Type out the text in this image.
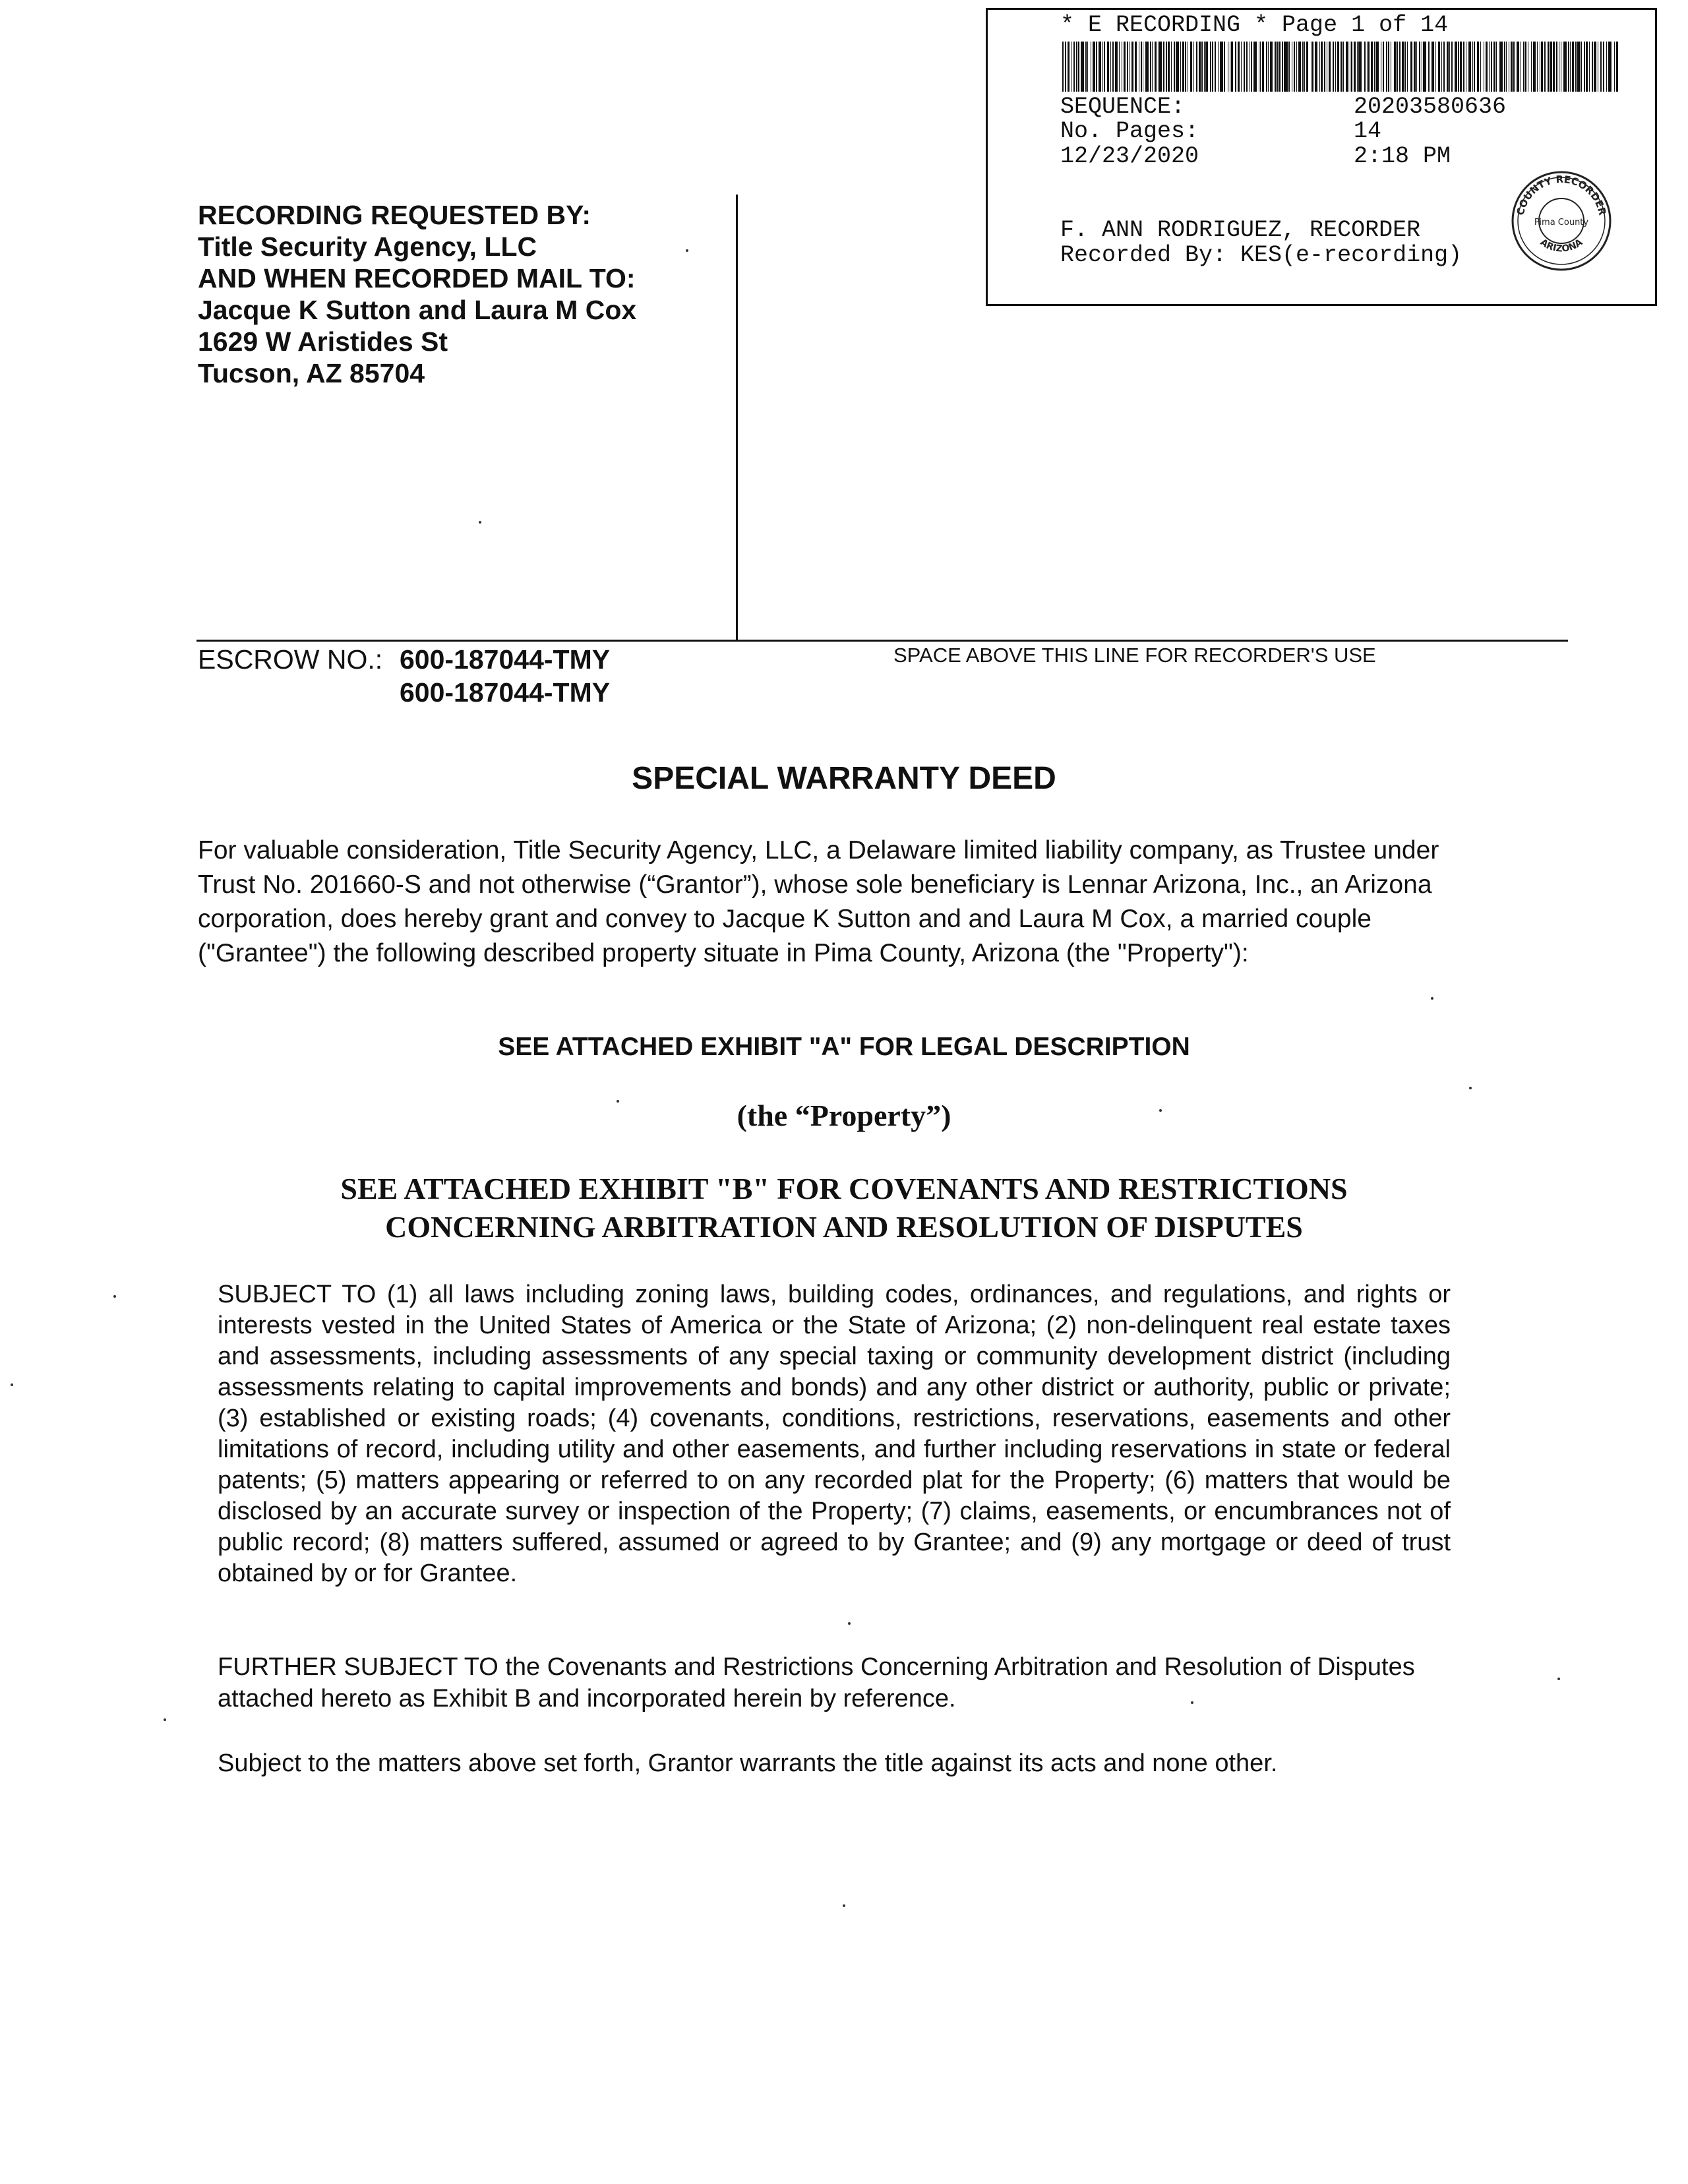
* E RECORDING * Page 1 of 14
SEQUENCE:	20203580636
No. Pages:	14
12/23/2020	2:18 PM
F. ANN RODRIGUEZ, RECORDER
Recorded By: KES(e-recording)
COUNTY RECORDER
ARIZONA
Pima County
RECORDING REQUESTED BY:
Title Security Agency, LLC
AND WHEN RECORDED MAIL TO:
Jacque K Sutton and Laura M Cox
1629 W Aristides St
Tucson, AZ 85704
ESCROW NO.: 600-187044-TMY
600-187044-TMY
SPACE ABOVE THIS LINE FOR RECORDER'S USE
SPECIAL WARRANTY DEED
For valuable consideration, Title Security Agency, LLC, a Delaware limited liability company, as Trustee under Trust No. 201660-S and not otherwise (“Grantor”), whose sole beneficiary is Lennar Arizona, Inc., an Arizona corporation, does hereby grant and convey to Jacque K Sutton and and Laura M Cox, a married couple ("Grantee") the following described property situate in Pima County, Arizona (the "Property"):
SEE ATTACHED EXHIBIT "A" FOR LEGAL DESCRIPTION
(the “Property”)
SEE ATTACHED EXHIBIT "B" FOR COVENANTS AND RESTRICTIONS
CONCERNING ARBITRATION AND RESOLUTION OF DISPUTES
SUBJECT TO (1) all laws including zoning laws, building codes, ordinances, and regulations, and rights or interests vested in the United States of America or the State of Arizona; (2) non-delinquent real estate taxes and assessments, including assessments of any special taxing or community development district (including assessments relating to capital improvements and bonds) and any other district or authority, public or private; (3) established or existing roads; (4) covenants, conditions, restrictions, reservations, easements and other limitations of record, including utility and other easements, and further including reservations in state or federal patents; (5) matters appearing or referred to on any recorded plat for the Property; (6) matters that would be disclosed by an accurate survey or inspection of the Property; (7) claims, easements, or encumbrances not of public record; (8) matters suffered, assumed or agreed to by Grantee; and (9) any mortgage or deed of trust obtained by or for Grantee.
FURTHER SUBJECT TO the Covenants and Restrictions Concerning Arbitration and Resolution of Disputes attached hereto as Exhibit B and incorporated herein by reference.
Subject to the matters above set forth, Grantor warrants the title against its acts and none other.
